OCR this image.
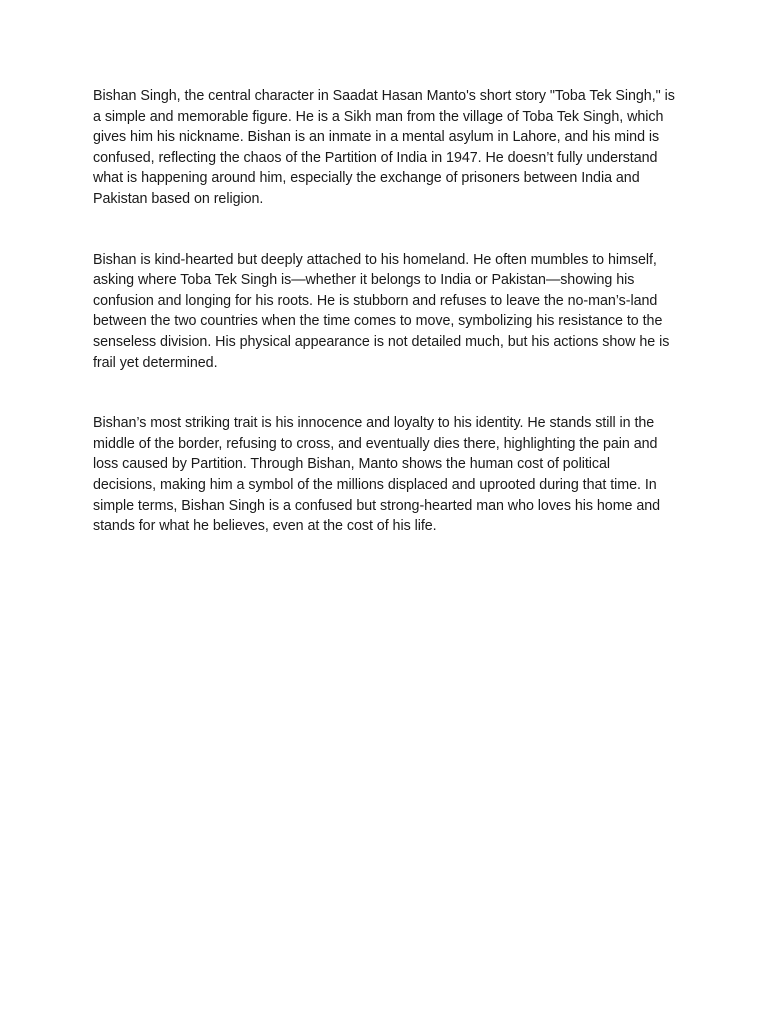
Bishan Singh, the central character in Saadat Hasan Manto's short story "Toba Tek Singh," is a simple and memorable figure. He is a Sikh man from the village of Toba Tek Singh, which gives him his nickname. Bishan is an inmate in a mental asylum in Lahore, and his mind is confused, reflecting the chaos of the Partition of India in 1947. He doesn’t fully understand what is happening around him, especially the exchange of prisoners between India and Pakistan based on religion.

Bishan is kind-hearted but deeply attached to his homeland. He often mumbles to himself, asking where Toba Tek Singh is—whether it belongs to India or Pakistan—showing his confusion and longing for his roots. He is stubborn and refuses to leave the no-man’s-land between the two countries when the time comes to move, symbolizing his resistance to the senseless division. His physical appearance is not detailed much, but his actions show he is frail yet determined.

Bishan’s most striking trait is his innocence and loyalty to his identity. He stands still in the middle of the border, refusing to cross, and eventually dies there, highlighting the pain and loss caused by Partition. Through Bishan, Manto shows the human cost of political decisions, making him a symbol of the millions displaced and uprooted during that time. In simple terms, Bishan Singh is a confused but strong-hearted man who loves his home and stands for what he believes, even at the cost of his life.
